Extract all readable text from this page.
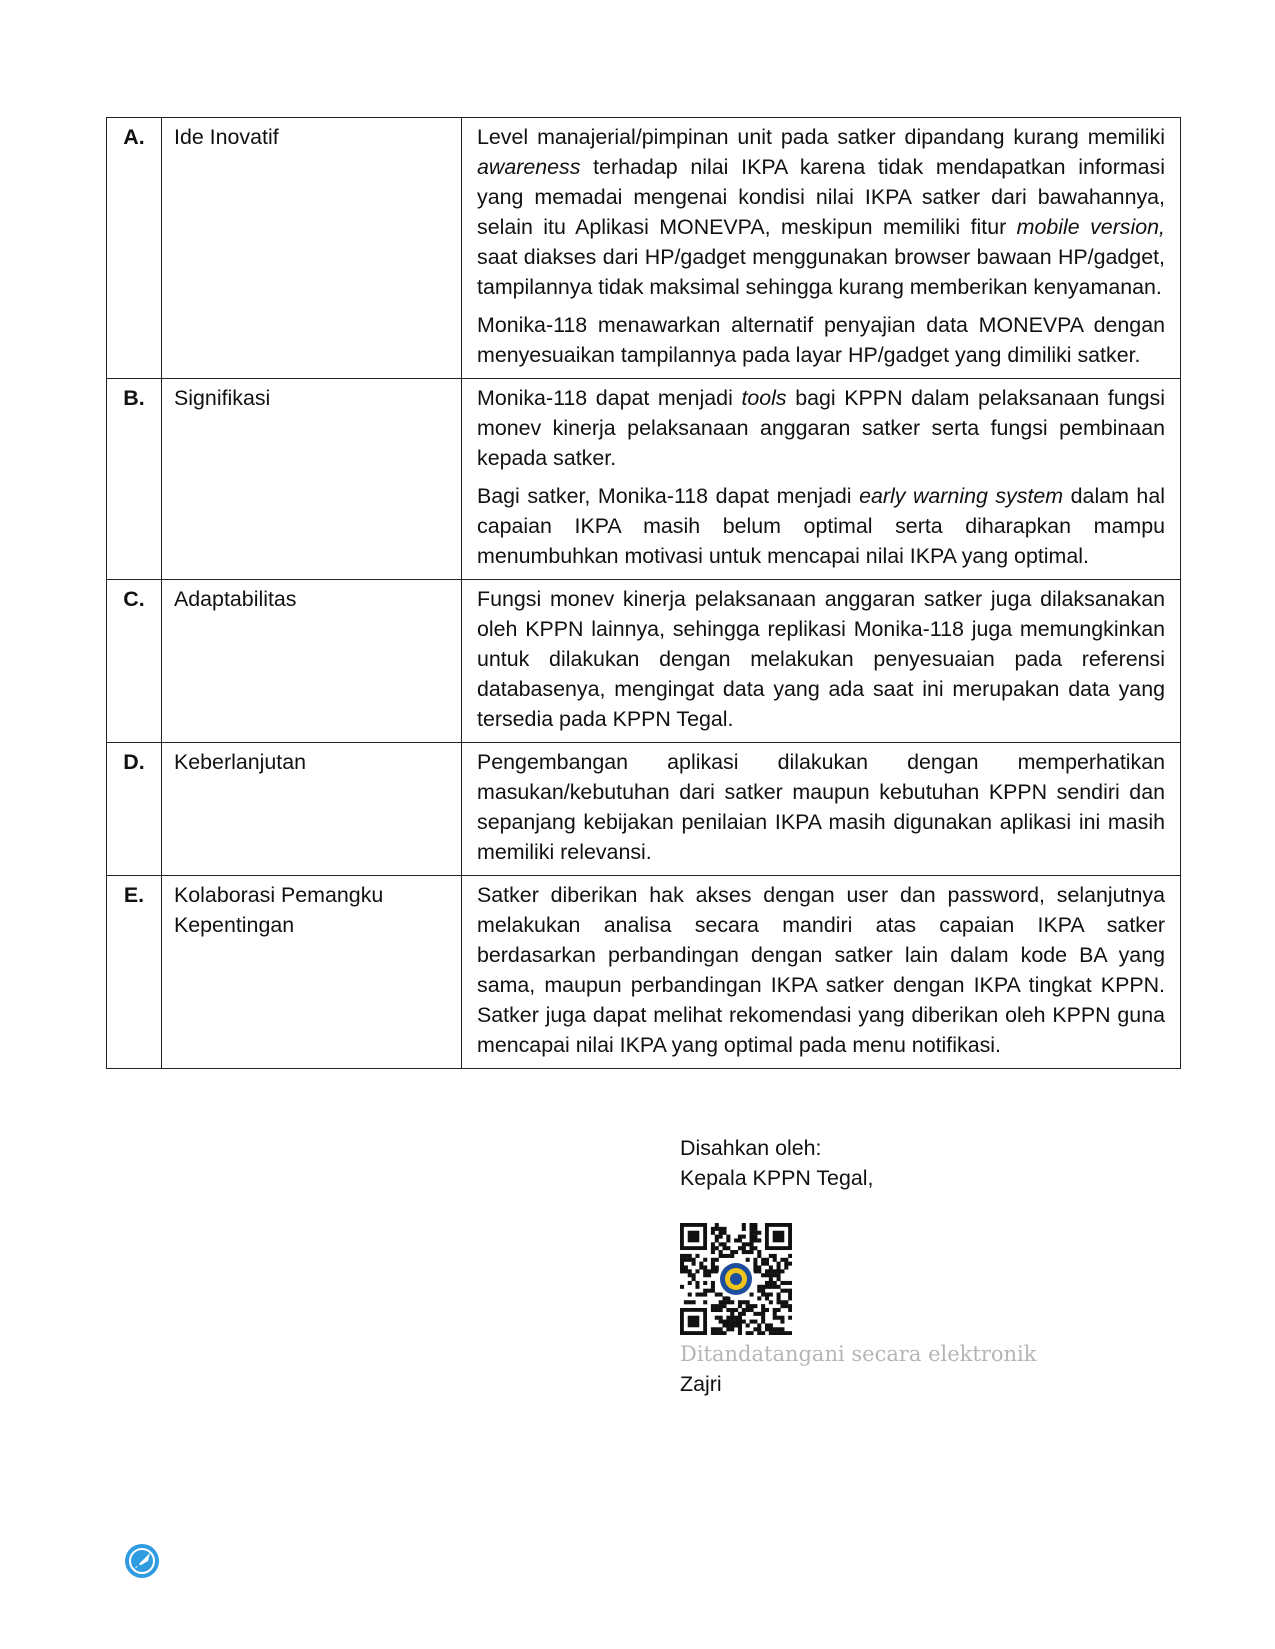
A.	Ide Inovatif	Level manajerial/pimpinan unit pada satker dipandang kurang memiliki awareness terhadap nilai IKPA karena tidak mendapatkan informasi yang memadai mengenai kondisi nilai IKPA satker dari bawahannya, selain itu Aplikasi MONEVPA, meskipun memiliki fitur mobile version, saat diakses dari HP/gadget menggunakan browser bawaan HP/gadget, tampilannya tidak maksimal sehingga kurang memberikan kenyamanan.

Monika-118 menawarkan alternatif penyajian data MONEVPA dengan menyesuaikan tampilannya pada layar HP/gadget yang dimiliki satker.

B.	Signifikasi	Monika-118 dapat menjadi tools bagi KPPN dalam pelaksanaan fungsi monev kinerja pelaksanaan anggaran satker serta fungsi pembinaan kepada satker.

Bagi satker, Monika-118 dapat menjadi early warning system dalam hal capaian IKPA masih belum optimal serta diharapkan mampu menumbuhkan motivasi untuk mencapai nilai IKPA yang optimal.

C.	Adaptabilitas	Fungsi monev kinerja pelaksanaan anggaran satker juga dilaksanakan oleh KPPN lainnya, sehingga replikasi Monika-118 juga memungkinkan untuk dilakukan dengan melakukan penyesuaian pada referensi databasenya, mengingat data yang ada saat ini merupakan data yang tersedia pada KPPN Tegal.

D.	Keberlanjutan	Pengembangan aplikasi dilakukan dengan memperhatikan masukan/kebutuhan dari satker maupun kebutuhan KPPN sendiri dan sepanjang kebijakan penilaian IKPA masih digunakan aplikasi ini masih memiliki relevansi.

E.	Kolaborasi Pemangku Kepentingan	Satker diberikan hak akses dengan user dan password, selanjutnya melakukan analisa secara mandiri atas capaian IKPA satker berdasarkan perbandingan dengan satker lain dalam kode BA yang sama, maupun perbandingan IKPA satker dengan IKPA tingkat KPPN. Satker juga dapat melihat rekomendasi yang diberikan oleh KPPN guna mencapai nilai IKPA yang optimal pada menu notifikasi.

Disahkan oleh:

Kepala KPPN Tegal,

Ditandatangani secara elektronik

Zajri
